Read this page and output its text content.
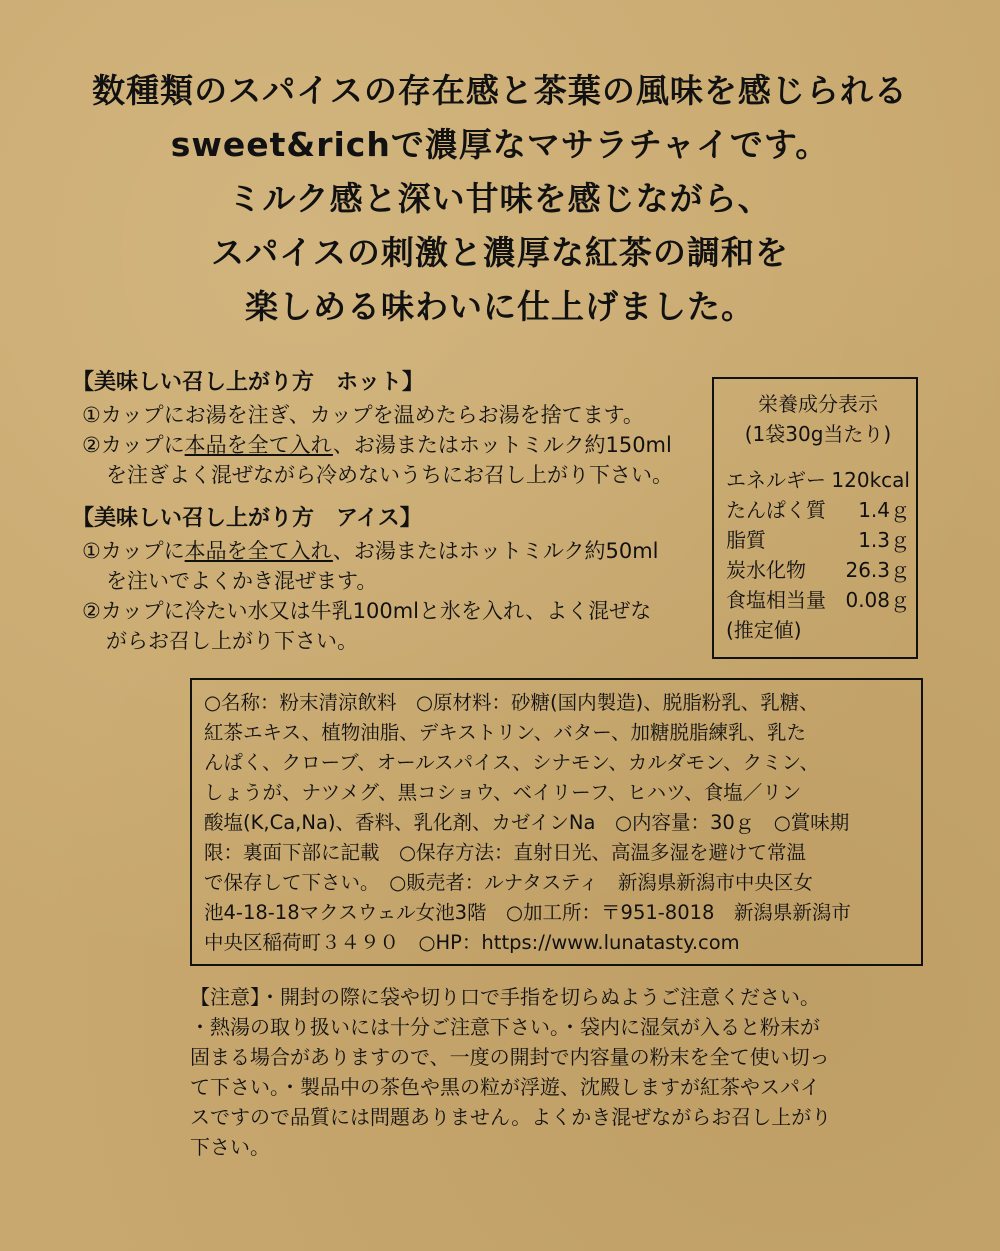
数種類のスパイスの存在感と茶葉の風味を感じられる
sweet&richで濃厚なマサラチャイです。
ミルク感と深い甘味を感じながら、
スパイスの刺激と濃厚な紅茶の調和を
楽しめる味わいに仕上げました。
【美味しい召し上がり方　ホット】
①カップにお湯を注ぎ、カップを温めたらお湯を捨てます。
②カップに本品を全て入れ、お湯またはホットミルク約150ml
を注ぎよく混ぜながら冷めないうちにお召し上がり下さい。
【美味しい召し上がり方　アイス】
①カップに本品を全て入れ、お湯またはホットミルク約50ml
を注いでよくかき混ぜます。
②カップに冷たい水又は牛乳100mlと氷を入れ、よく混ぜな
がらお召し上がり下さい。
栄養成分表示
(1袋30g当たり)
エネルギー 120kcal
たんぱく質 1.4ｇ
脂質	1.3ｇ
炭水化物 26.3ｇ
食塩相当量 0.08ｇ
(推定値)
○名称：粉末清涼飲料　○原材料：砂糖(国内製造)、脱脂粉乳、乳糖、
紅茶エキス、植物油脂、デキストリン、バター、加糖脱脂練乳、乳た
んぱく、クローブ、オールスパイス、シナモン、カルダモン、クミン、
しょうが、ナツメグ、黒コショウ、ベイリーフ、ヒハツ、食塩／リン
酸塩(K,Ca,Na)、香料、乳化剤、カゼインNa　○内容量：30ｇ　○賞味期
限：裏面下部に記載　○保存方法：直射日光、高温多湿を避けて常温
で保存して下さい。　○販売者：ルナタスティ　新潟県新潟市中央区女
池4-18-18マクスウェル女池3階　○加工所：〒951-8018　新潟県新潟市
中央区稲荷町３４９０　○HP：https://www.lunatasty.com
【注意】・開封の際に袋や切り口で手指を切らぬようご注意ください。
・熱湯の取り扱いには十分ご注意下さい。・袋内に湿気が入ると粉末が
固まる場合がありますので、一度の開封で内容量の粉末を全て使い切っ
て下さい。・製品中の茶色や黒の粒が浮遊、沈殿しますが紅茶やスパイ
スですので品質には問題ありません。よくかき混ぜながらお召し上がり
下さい。
